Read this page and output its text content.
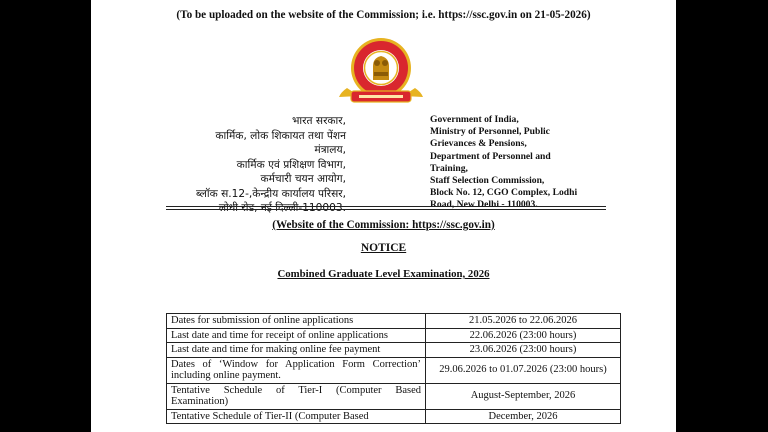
(To be uploaded on the website of the Commission; i.e. https://ssc.gov.in on 21-05-2026)
भारत सरकार,
कार्मिक, लोक शिकायत तथा पेंशन
मंत्रालय,
कार्मिक एवं प्रशिक्षण विभाग,
कर्मचारी चयन आयोग,
ब्लॉक स.12-,केन्द्रीय कार्यालय परिसर,
लोधी रोड, नई दिल्ली-110003.
Government of India,
Ministry of Personnel, Public
Grievances & Pensions,
Department of Personnel and
Training,
Staff Selection Commission,
Block No. 12, CGO Complex, Lodhi
Road, New Delhi - 110003.
(Website of the Commission: https://ssc.gov.in)
NOTICE
Combined Graduate Level Examination, 2026
Dates for submission of online applications	21.05.2026 to 22.06.2026
Last date and time for receipt of online applications	22.06.2026 (23:00 hours)
Last date and time for making online fee payment	23.06.2026 (23:00 hours)
Dates of ‘Window for Application Form Correction’ including online payment.	29.06.2026 to 01.07.2026 (23:00 hours)
Tentative Schedule of Tier-I (Computer Based Examination)	August-September, 2026
Tentative Schedule of Tier-II (Computer Based	December, 2026
